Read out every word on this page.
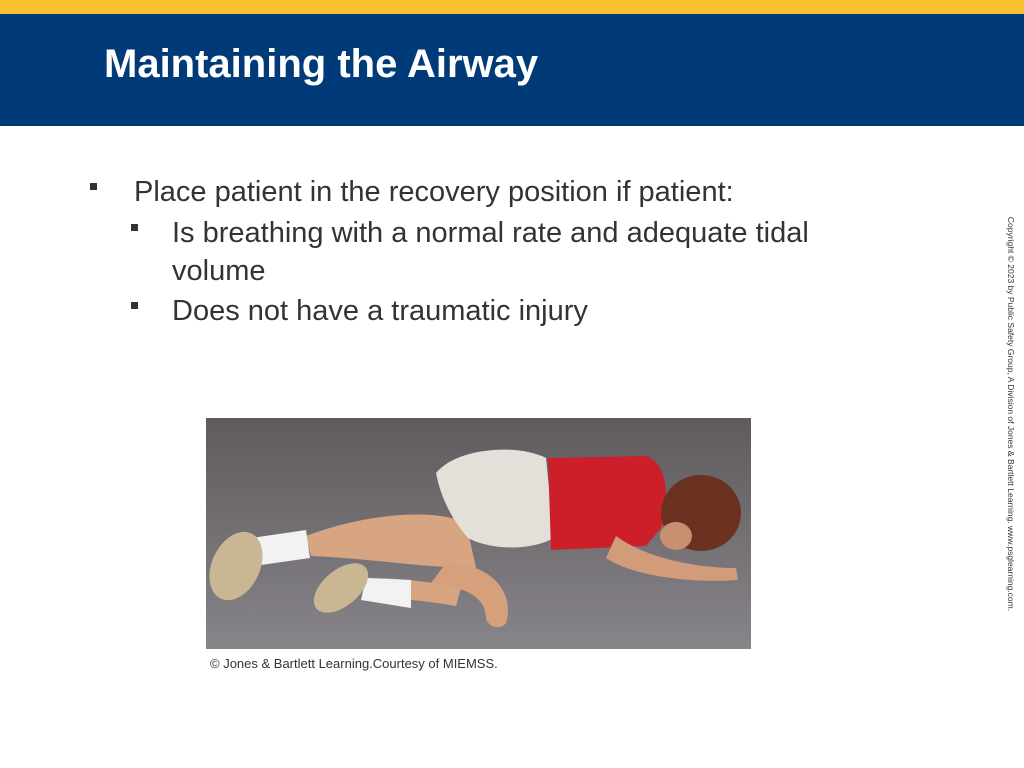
Maintaining the Airway
Place patient in the recovery position if patient:
Is breathing with a normal rate and adequate tidal volume
Does not have a traumatic injury
© Jones & Bartlett Learning.Courtesy of MIEMSS.
Copyright © 2023 by Public Safety Group, A Division of Jones & Bartlett Learning. www.psglearning.com.
